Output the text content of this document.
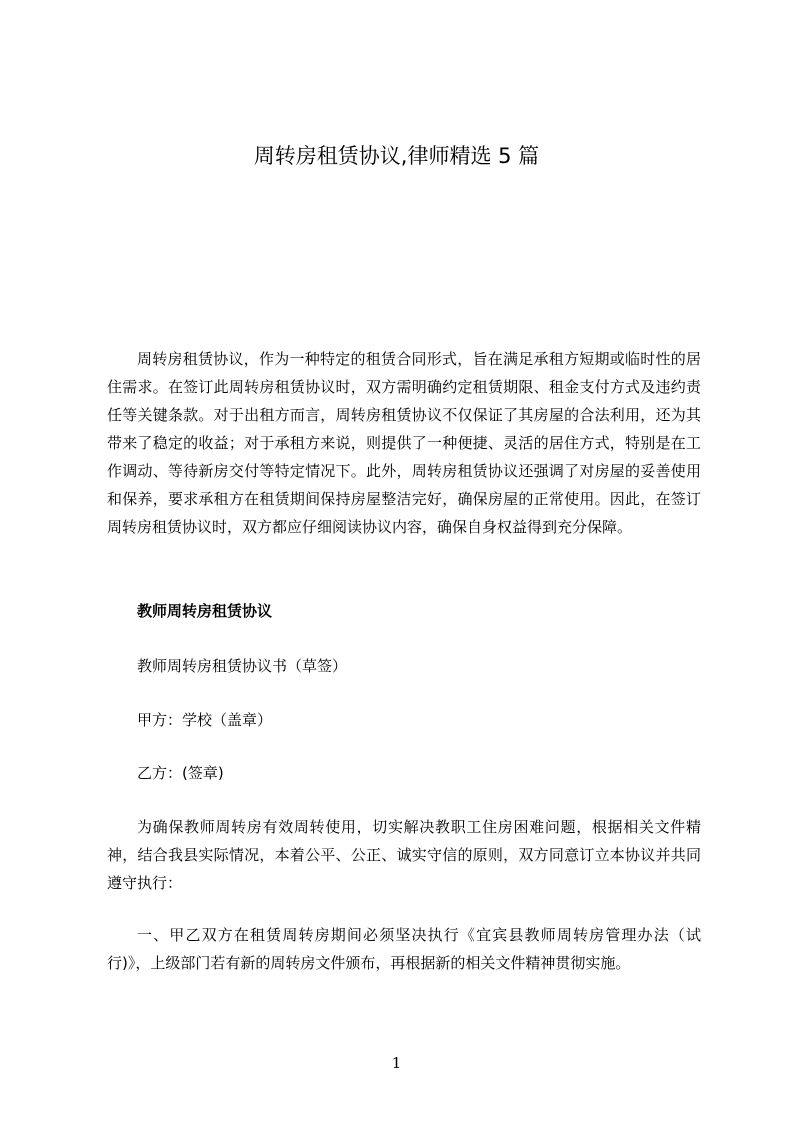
周转房租赁协议,律师精选 5 篇

周转房租赁协议，作为一种特定的租赁合同形式，旨在满足承租方短期或临时性的居住需求。在签订此周转房租赁协议时，双方需明确约定租赁期限、租金支付方式及违约责任等关键条款。对于出租方而言，周转房租赁协议不仅保证了其房屋的合法利用，还为其带来了稳定的收益；对于承租方来说，则提供了一种便捷、灵活的居住方式，特别是在工作调动、等待新房交付等特定情况下。此外，周转房租赁协议还强调了对房屋的妥善使用和保养，要求承租方在租赁期间保持房屋整洁完好，确保房屋的正常使用。因此，在签订周转房租赁协议时，双方都应仔细阅读协议内容，确保自身权益得到充分保障。

教师周转房租赁协议

教师周转房租赁协议书（草签）

甲方：学校（盖章）

乙方：(签章)

为确保教师周转房有效周转使用，切实解决教职工住房困难问题，根据相关文件精神，结合我县实际情况，本着公平、公正、诚实守信的原则，双方同意订立本协议并共同遵守执行：

一、甲乙双方在租赁周转房期间必须坚决执行《宜宾县教师周转房管理办法（试行)》，上级部门若有新的周转房文件颁布，再根据新的相关文件精神贯彻实施。

1
